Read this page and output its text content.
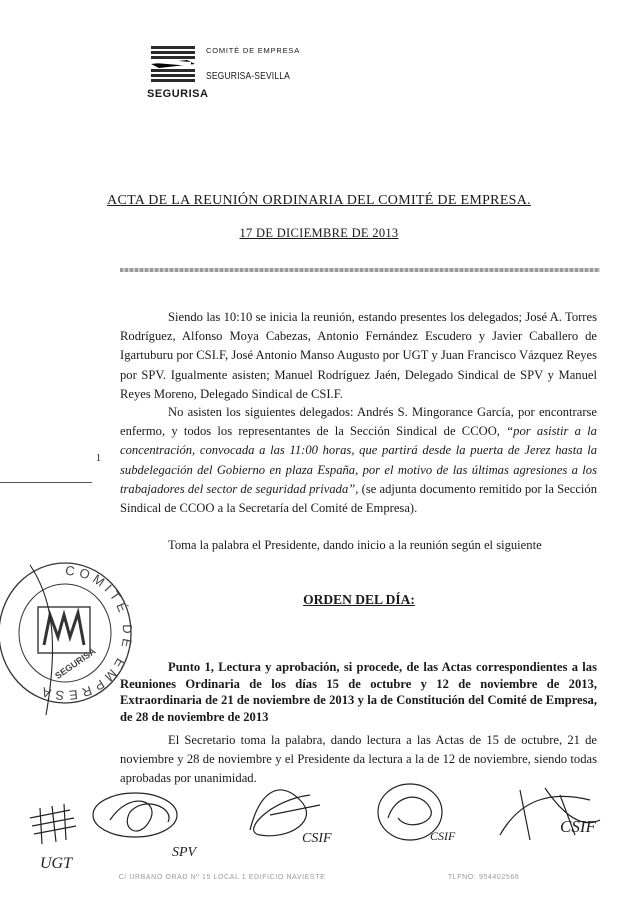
SEGURISA
COMITÉ DE EMPRESA
SEGURISA-SEVILLA
ACTA DE LA REUNIÓN ORDINARIA DEL COMITÉ DE EMPRESA.
17 DE DICIEMBRE DE 2013

Siendo las 10:10 se inicia la reunión, estando presentes los delegados; José A. Torres Rodríguez, Alfonso Moya Cabezas, Antonio Fernández Escudero y Javier Caballero de Igartuburu por CSI.F, José Antonio Manso Augusto por UGT y Juan Francisco Vázquez Reyes por SPV. Igualmente asisten; Manuel Rodríguez Jaén, Delegado Sindical de SPV y Manuel Reyes Moreno, Delegado Sindical de CSI.F.

No asisten los siguientes delegados: Andrés S. Mingorance García, por encontrarse enfermo, y todos los representantes de la Sección Sindical de CCOO, “por asistir a la concentración, convocada a las 11:00 horas, que partirá desde la puerta de Jerez hasta la subdelegación del Gobierno en plaza España, por el motivo de las últimas agresiones a los trabajadores del sector de seguridad privada”, (se adjunta documento remitido por la Sección Sindical de CCOO a la Secretaría del Comité de Empresa).

1

Toma la palabra el Presidente, dando inicio a la reunión según el siguiente

ORDEN DEL DÍA:

Punto 1, Lectura y aprobación, si procede, de las Actas correspondientes a las Reuniones Ordinaria de los días 15 de octubre y 12 de noviembre de 2013, Extraordinaria de 21 de noviembre de 2013 y la de Constitución del Comité de Empresa, de 28 de noviembre de 2013

El Secretario toma la palabra, dando lectura a las Actas de 15 de octubre, 21 de noviembre y 28 de noviembre y el Presidente da lectura a la de 12 de noviembre, siendo todas aprobadas por unanimidad.

COMITÉ DE EMPRESA
SEGURISA
UGT
SPV
CSIF	CSIF	CSIF
C/ URBANO ORAD Nº 15 LOCAL 1 EDIFICIO NAVIESTE	TLFNO: 954402566
